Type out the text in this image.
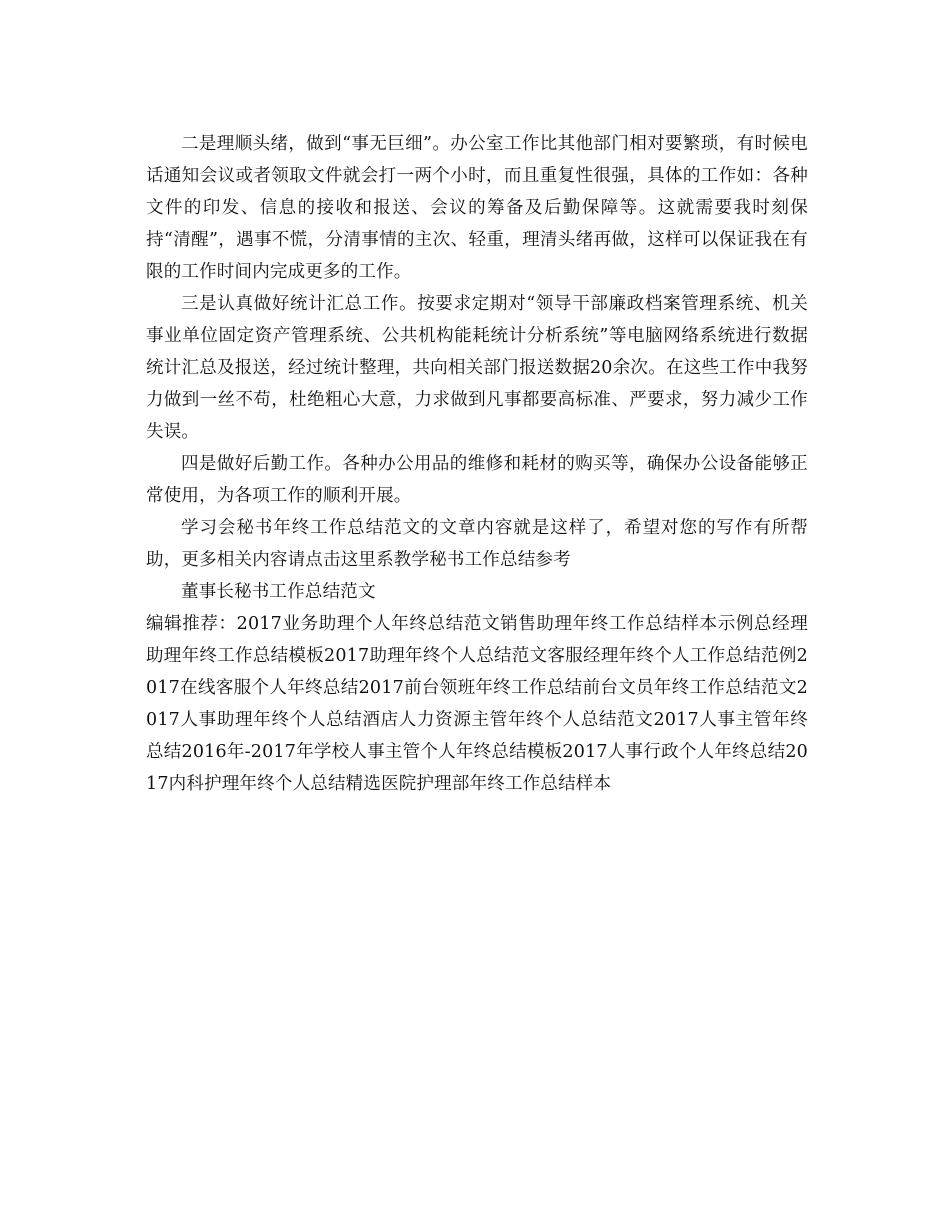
二是理顺头绪，做到“事无巨细”。办公室工作比其他部门相对要繁琐，有时候电话通知会议或者领取文件就会打一两个小时，而且重复性很强，具体的工作如：各种文件的印发、信息的接收和报送、会议的筹备及后勤保障等。这就需要我时刻保持“清醒”，遇事不慌，分清事情的主次、轻重，理清头绪再做，这样可以保证我在有限的工作时间内完成更多的工作。

三是认真做好统计汇总工作。按要求定期对“领导干部廉政档案管理系统、机关事业单位固定资产管理系统、公共机构能耗统计分析系统”等电脑网络系统进行数据统计汇总及报送，经过统计整理，共向相关部门报送数据20余次。在这些工作中我努力做到一丝不苟，杜绝粗心大意，力求做到凡事都要高标准、严要求，努力减少工作失误。

四是做好后勤工作。各种办公用品的维修和耗材的购买等，确保办公设备能够正常使用，为各项工作的顺利开展。

学习会秘书年终工作总结范文的文章内容就是这样了，希望对您的写作有所帮助，更多相关内容请点击这里系教学秘书工作总结参考

董事长秘书工作总结范文

编辑推荐：2017业务助理个人年终总结范文销售助理年终工作总结样本示例总经理助理年终工作总结模板2017助理年终个人总结范文客服经理年终个人工作总结范例2017在线客服个人年终总结2017前台领班年终工作总结前台文员年终工作总结范文2017人事助理年终个人总结酒店人力资源主管年终个人总结范文2017人事主管年终总结2016年-2017年学校人事主管个人年终总结模板2017人事行政个人年终总结2017内科护理年终个人总结精选医院护理部年终工作总结样本
